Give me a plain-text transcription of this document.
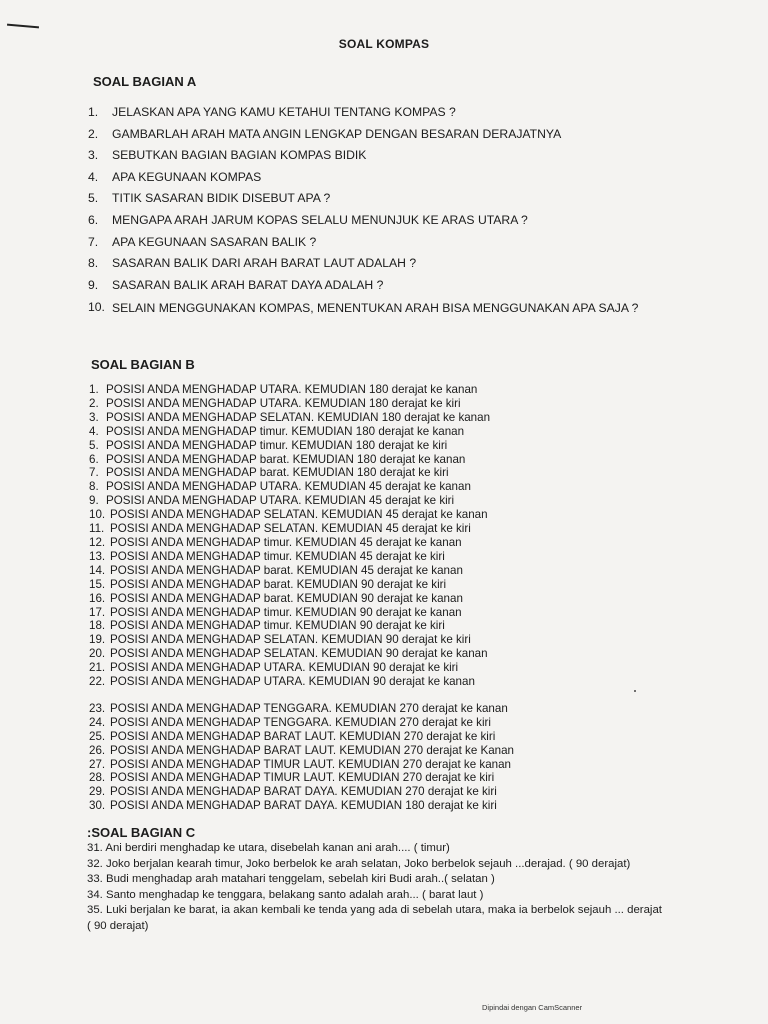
SOAL KOMPAS
SOAL BAGIAN A
1.	JELASKAN APA YANG KAMU KETAHUI TENTANG KOMPAS ?
2.	GAMBARLAH ARAH MATA ANGIN LENGKAP DENGAN BESARAN DERAJATNYA
3.	SEBUTKAN BAGIAN BAGIAN KOMPAS BIDIK
4.	APA KEGUNAAN KOMPAS
5.	TITIK SASARAN BIDIK DISEBUT APA ?
6.	MENGAPA ARAH JARUM KOPAS SELALU MENUNJUK KE ARAS UTARA ?
7.	APA KEGUNAAN SASARAN BALIK ?
8.	SASARAN BALIK DARI ARAH BARAT LAUT ADALAH ?
9.	SASARAN BALIK ARAH BARAT DAYA ADALAH ?
10. SELAIN MENGGUNAKAN KOMPAS, MENENTUKAN ARAH BISA MENGGUNAKAN APA SAJA ?
SOAL BAGIAN B
1. POSISI ANDA MENGHADAP UTARA. KEMUDIAN 180 derajat ke kanan
2. POSISI ANDA MENGHADAP UTARA. KEMUDIAN 180 derajat ke kiri
3. POSISI ANDA MENGHADAP SELATAN. KEMUDIAN 180 derajat ke kanan
4. POSISI ANDA MENGHADAP timur. KEMUDIAN 180 derajat ke kanan
5. POSISI ANDA MENGHADAP timur. KEMUDIAN 180 derajat ke kiri
6. POSISI ANDA MENGHADAP barat. KEMUDIAN 180 derajat ke kanan
7. POSISI ANDA MENGHADAP barat. KEMUDIAN 180 derajat ke kiri
8. POSISI ANDA MENGHADAP UTARA. KEMUDIAN 45 derajat ke kanan
9. POSISI ANDA MENGHADAP UTARA. KEMUDIAN 45 derajat ke kiri
10. POSISI ANDA MENGHADAP SELATAN. KEMUDIAN 45 derajat ke kanan
11. POSISI ANDA MENGHADAP SELATAN. KEMUDIAN 45 derajat ke kiri
12. POSISI ANDA MENGHADAP timur. KEMUDIAN 45 derajat ke kanan
13. POSISI ANDA MENGHADAP timur. KEMUDIAN 45 derajat ke kiri
14. POSISI ANDA MENGHADAP barat. KEMUDIAN 45 derajat ke kanan
15. POSISI ANDA MENGHADAP barat. KEMUDIAN 90 derajat ke kiri
16. POSISI ANDA MENGHADAP barat. KEMUDIAN 90 derajat ke kanan
17. POSISI ANDA MENGHADAP timur. KEMUDIAN 90 derajat ke kanan
18. POSISI ANDA MENGHADAP timur. KEMUDIAN 90 derajat ke kiri
19. POSISI ANDA MENGHADAP SELATAN. KEMUDIAN 90 derajat ke kiri
20. POSISI ANDA MENGHADAP SELATAN. KEMUDIAN 90 derajat ke kanan
21. POSISI ANDA MENGHADAP UTARA. KEMUDIAN 90 derajat ke kiri
22. POSISI ANDA MENGHADAP UTARA. KEMUDIAN 90 derajat ke kanan
23. POSISI ANDA MENGHADAP TENGGARA. KEMUDIAN 270 derajat ke kanan
24. POSISI ANDA MENGHADAP TENGGARA. KEMUDIAN 270 derajat ke kiri
25. POSISI ANDA MENGHADAP BARAT LAUT. KEMUDIAN 270 derajat ke kiri
26. POSISI ANDA MENGHADAP BARAT LAUT. KEMUDIAN 270 derajat ke Kanan
27. POSISI ANDA MENGHADAP TIMUR LAUT. KEMUDIAN 270 derajat ke kanan
28. POSISI ANDA MENGHADAP TIMUR LAUT. KEMUDIAN 270 derajat ke kiri
29. POSISI ANDA MENGHADAP BARAT DAYA. KEMUDIAN 270 derajat ke kiri
30. POSISI ANDA MENGHADAP BARAT DAYA. KEMUDIAN 180 derajat ke kiri
:SOAL BAGIAN C
31. Ani berdiri menghadap ke utara, disebelah kanan ani arah.... ( timur)
32. Joko berjalan kearah timur, Joko berbelok ke arah selatan, Joko berbelok sejauh ...derajad. ( 90 derajat)
33. Budi menghadap arah matahari tenggelam, sebelah kiri Budi arah..( selatan )
34. Santo menghadap ke tenggara, belakang santo adalah arah... ( barat laut )
35. Luki berjalan ke barat, ia akan kembali ke tenda yang ada di sebelah utara, maka ia berbelok sejauh ... derajat ( 90 derajat)
Dipindai dengan CamScanner
